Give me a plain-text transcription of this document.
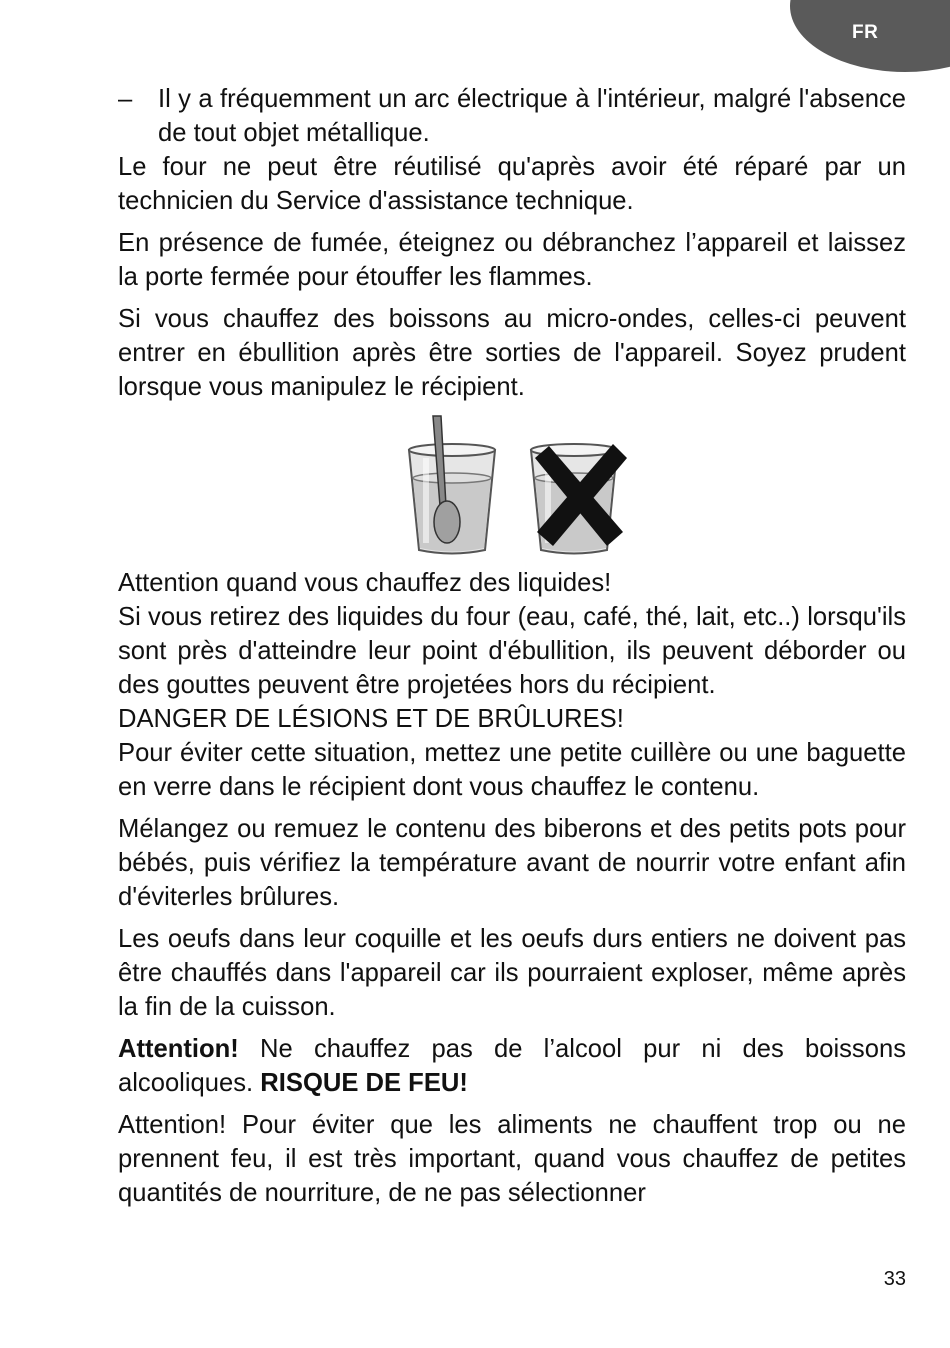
FR

– Il y a fréquemment un arc électrique à l'intérieur, malgré l'absence de tout objet métallique.

Le four ne peut être réutilisé qu'après avoir été réparé par un technicien du Service d'assistance technique.

En présence de fumée, éteignez ou débranchez l’appareil et laissez la porte fermée pour étouffer les flammes.

Si vous chauffez des boissons au micro-ondes, celles-ci peuvent entrer en ébullition après être sorties de l'appareil. Soyez prudent lorsque vous manipulez le récipient.

Attention quand vous chauffez des liquides!

Si vous retirez des liquides du four (eau, café, thé, lait, etc..) lorsqu'ils sont près d'atteindre leur point d'ébullition, ils peuvent déborder ou des gouttes peuvent être projetées hors du récipient.

DANGER DE LÉSIONS ET DE BRÛLURES!

Pour éviter cette situation, mettez une petite cuillère ou une baguette en verre dans le récipient dont vous chauffez le contenu.

Mélangez ou remuez le contenu des biberons et des petits pots pour bébés, puis vérifiez la température avant de nourrir votre enfant afin d'éviterles brûlures.

Les oeufs dans leur coquille et les oeufs durs entiers ne doivent pas être chauffés dans l'appareil car ils pourraient exploser, même après la fin de la cuisson.

Attention! Ne chauffez pas de l’alcool pur ni des boissons alcooliques. RISQUE DE FEU!

Attention! Pour éviter que les aliments ne chauffent trop ou ne prennent feu, il est très important, quand vous chauffez de petites quantités de nourriture, de ne pas sélectionner

33
